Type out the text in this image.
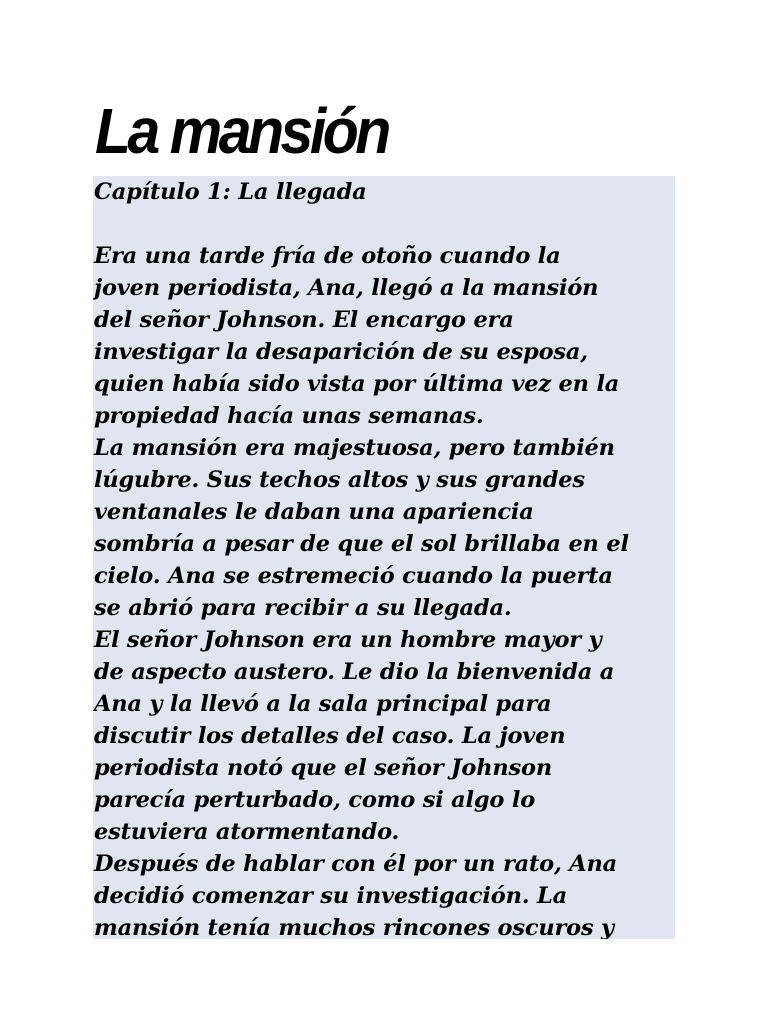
La mansión
Capítulo 1: La llegada
Era una tarde fría de otoño cuando la
joven periodista, Ana, llegó a la mansión
del señor Johnson. El encargo era
investigar la desaparición de su esposa,
quien había sido vista por última vez en la
propiedad hacía unas semanas.
La mansión era majestuosa, pero también
lúgubre. Sus techos altos y sus grandes
ventanales le daban una apariencia
sombría a pesar de que el sol brillaba en el
cielo. Ana se estremeció cuando la puerta
se abrió para recibir a su llegada.
El señor Johnson era un hombre mayor y
de aspecto austero. Le dio la bienvenida a
Ana y la llevó a la sala principal para
discutir los detalles del caso. La joven
periodista notó que el señor Johnson
parecía perturbado, como si algo lo
estuviera atormentando.
Después de hablar con él por un rato, Ana
decidió comenzar su investigación. La
mansión tenía muchos rincones oscuros y
